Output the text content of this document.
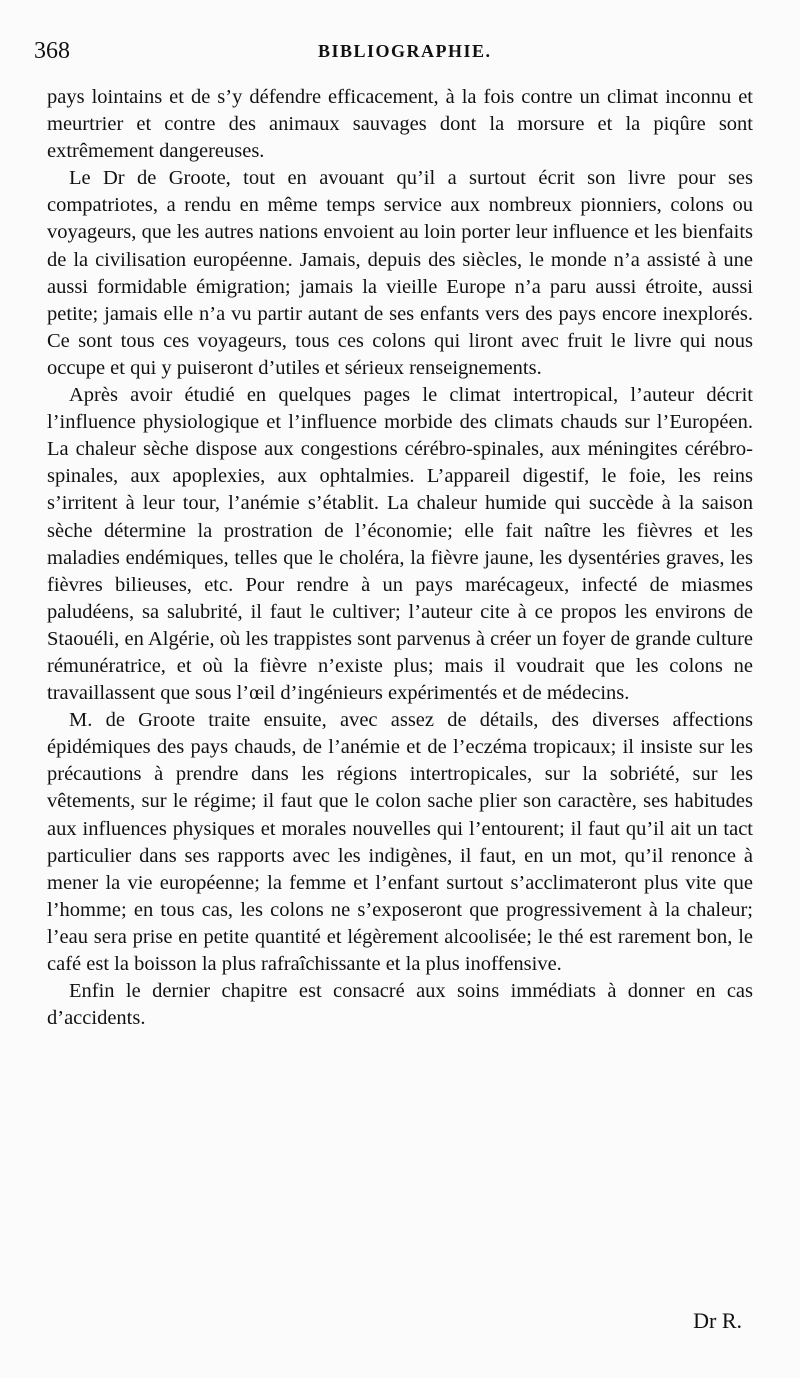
368	BIBLIOGRAPHIE.

pays lointains et de s’y défendre efficacement, à la fois contre un climat inconnu et meurtrier et contre des animaux sauvages dont la morsure et la piqûre sont extrêmement dangereuses.

Le Dr de Groote, tout en avouant qu’il a surtout écrit son livre pour ses compatriotes, a rendu en même temps service aux nombreux pionniers, colons ou voyageurs, que les autres nations envoient au loin porter leur influence et les bienfaits de la civilisation européenne. Jamais, depuis des siècles, le monde n’a assisté à une aussi formidable émigration; jamais la vieille Europe n’a paru aussi étroite, aussi petite; jamais elle n’a vu partir autant de ses enfants vers des pays encore inexplorés. Ce sont tous ces voyageurs, tous ces colons qui liront avec fruit le livre qui nous occupe et qui y puiseront d’utiles et sérieux renseignements.

Après avoir étudié en quelques pages le climat intertropical, l’auteur décrit l’influence physiologique et l’influence morbide des climats chauds sur l’Européen. La chaleur sèche dispose aux congestions cérébro-spinales, aux méningites cérébro-spinales, aux apoplexies, aux ophtalmies. L’appareil digestif, le foie, les reins s’irritent à leur tour, l’anémie s’établit. La chaleur humide qui succède à la saison sèche détermine la prostration de l’économie; elle fait naître les fièvres et les maladies endémiques, telles que le choléra, la fièvre jaune, les dysentéries graves, les fièvres bilieuses, etc. Pour rendre à un pays marécageux, infecté de miasmes paludéens, sa salubrité, il faut le cultiver; l’auteur cite à ce propos les environs de Staouéli, en Algérie, où les trappistes sont parvenus à créer un foyer de grande culture rémunératrice, et où la fièvre n’existe plus; mais il voudrait que les colons ne travaillassent que sous l’œil d’ingénieurs expérimentés et de médecins.

M. de Groote traite ensuite, avec assez de détails, des diverses affections épidémiques des pays chauds, de l’anémie et de l’eczéma tropicaux; il insiste sur les précautions à prendre dans les régions intertropicales, sur la sobriété, sur les vêtements, sur le régime; il faut que le colon sache plier son caractère, ses habitudes aux influences physiques et morales nouvelles qui l’entourent; il faut qu’il ait un tact particulier dans ses rapports avec les indigènes, il faut, en un mot, qu’il renonce à mener la vie européenne; la femme et l’enfant surtout s’acclimateront plus vite que l’homme; en tous cas, les colons ne s’exposeront que progressivement à la chaleur; l’eau sera prise en petite quantité et légèrement alcoolisée; le thé est rarement bon, le café est la boisson la plus rafraîchissante et la plus inoffensive.

Enfin le dernier chapitre est consacré aux soins immédiats à donner en cas d’accidents.

Dr R.
